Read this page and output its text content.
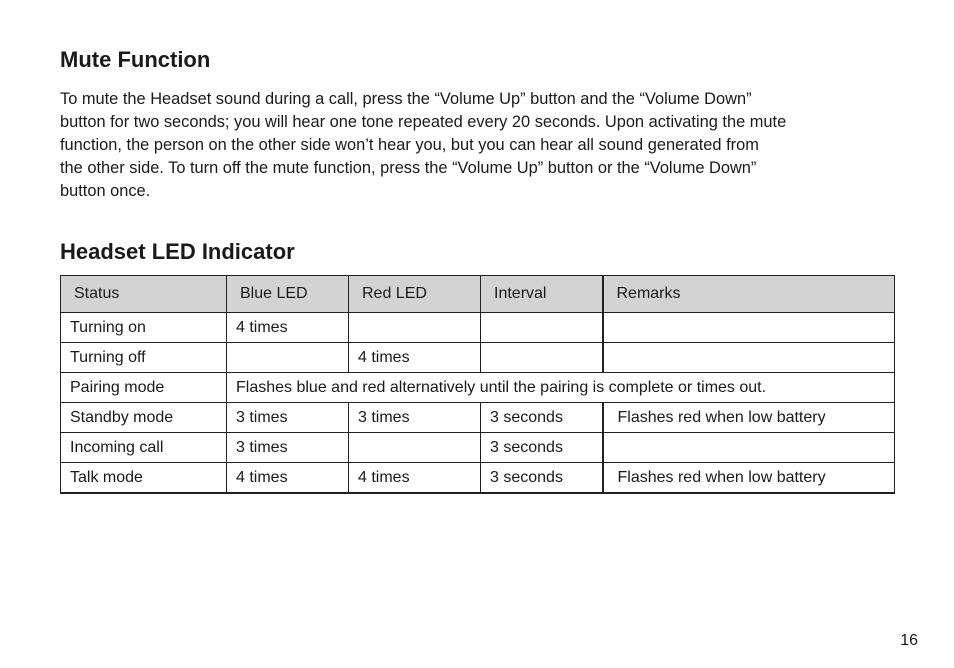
Mute Function

To mute the Headset sound during a call, press the “Volume Up” button and the “Volume Down”
button for two seconds; you will hear one tone repeated every 20 seconds. Upon activating the mute
function, the person on the other side won’t hear you, but you can hear all sound generated from
the other side. To turn off the mute function, press the “Volume Up” button or the “Volume Down”
button once.

Headset LED Indicator
Status	Blue LED	Red LED	Interval	Remarks
Turning on	4 times			
Turning off		4 times		
Pairing mode	Flashes blue and red alternatively until the pairing is complete or times out.			
Standby mode	3 times	3 times	3 seconds	Flashes red when low battery
Incoming call	3 times		3 seconds	
Talk mode	4 times	4 times	3 seconds	Flashes red when low battery
16
